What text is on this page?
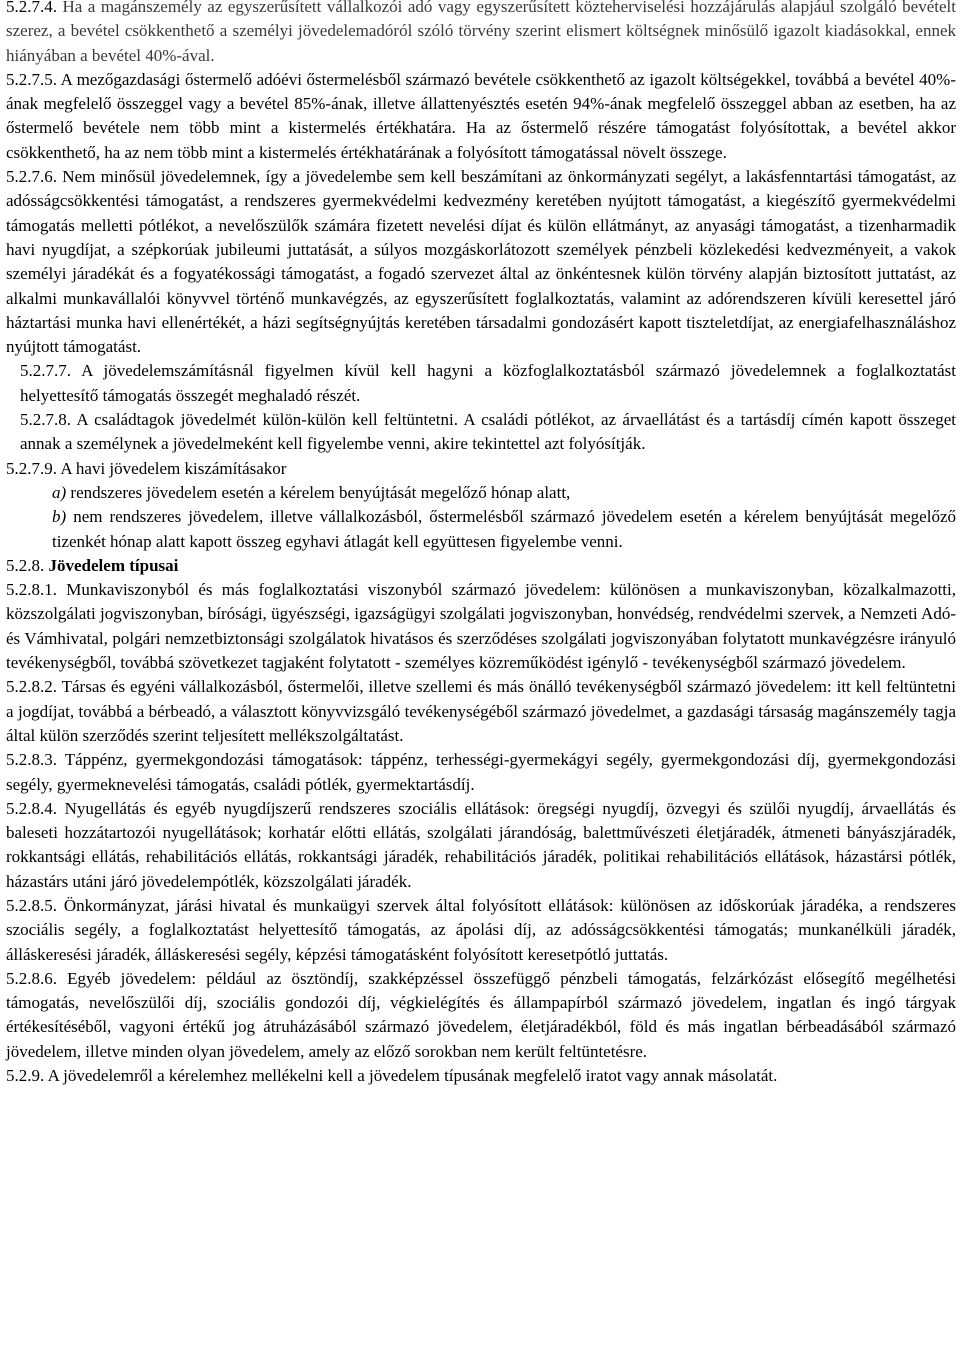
5.2.7.4. Ha a magánszemély az egyszerűsített vállalkozói adó vagy egyszerűsített közteherviselési hozzájárulás alapjául szolgáló bevételt szerez, a bevétel csökkenthető a személyi jövedelemadóról szóló törvény szerint elismert költségnek minősülő igazolt kiadásokkal, ennek hiányában a bevétel 40%-ával.

5.2.7.5. A mezőgazdasági őstermelő adóévi őstermelésből származó bevétele csökkenthető az igazolt költségekkel, továbbá a bevétel 40%-ának megfelelő összeggel vagy a bevétel 85%-ának, illetve állattenyésztés esetén 94%-ának megfelelő összeggel abban az esetben, ha az őstermelő bevétele nem több mint a kistermelés értékhatára. Ha az őstermelő részére támogatást folyósítottak, a bevétel akkor csökkenthető, ha az nem több mint a kistermelés értékhatárának a folyósított támogatással növelt összege.

5.2.7.6. Nem minősül jövedelemnek, így a jövedelembe sem kell beszámítani az önkormányzati segélyt, a lakásfenntartási támogatást, az adósságcsökkentési támogatást, a rendszeres gyermekvédelmi kedvezmény keretében nyújtott támogatást, a kiegészítő gyermekvédelmi támogatás melletti pótlékot, a nevelőszülők számára fizetett nevelési díjat és külön ellátmányt, az anyasági támogatást, a tizenharmadik havi nyugdíjat, a szépkorúak jubileumi juttatását, a súlyos mozgáskorlátozott személyek pénzbeli közlekedési kedvezményeit, a vakok személyi járadékát és a fogyatékossági támogatást, a fogadó szervezet által az önkéntesnek külön törvény alapján biztosított juttatást, az alkalmi munkavállalói könyvvel történő munkavégzés, az egyszerűsített foglalkoztatás, valamint az adórendszeren kívüli keresettel járó háztartási munka havi ellenértékét, a házi segítségnyújtás keretében társadalmi gondozásért kapott tiszteletdíjat, az energiafelhasználáshoz nyújtott támogatást.

5.2.7.7. A jövedelemszámításnál figyelmen kívül kell hagyni a közfoglalkoztatásból származó jövedelemnek a foglalkoztatást helyettesítő támogatás összegét meghaladó részét.

5.2.7.8. A családtagok jövedelmét külön-külön kell feltüntetni. A családi pótlékot, az árvaellátást és a tartásdíj címén kapott összeget annak a személynek a jövedelmeként kell figyelembe venni, akire tekintettel azt folyósítják.

5.2.7.9. A havi jövedelem kiszámításakor

a) rendszeres jövedelem esetén a kérelem benyújtását megelőző hónap alatt,

b) nem rendszeres jövedelem, illetve vállalkozásból, őstermelésből származó jövedelem esetén a kérelem benyújtását megelőző tizenkét hónap alatt kapott összeg egyhavi átlagát kell együttesen figyelembe venni.

5.2.8. Jövedelem típusai

5.2.8.1. Munkaviszonyból és más foglalkoztatási viszonyból származó jövedelem: különösen a munkaviszonyban, közalkalmazotti, közszolgálati jogviszonyban, bírósági, ügyészségi, igazságügyi szolgálati jogviszonyban, honvédség, rendvédelmi szervek, a Nemzeti Adó- és Vámhivatal, polgári nemzetbiztonsági szolgálatok hivatásos és szerződéses szolgálati jogviszonyában folytatott munkavégzésre irányuló tevékenységből, továbbá szövetkezet tagjaként folytatott - személyes közreműködést igénylő - tevékenységből származó jövedelem.

5.2.8.2. Társas és egyéni vállalkozásból, őstermelői, illetve szellemi és más önálló tevékenységből származó jövedelem: itt kell feltüntetni a jogdíjat, továbbá a bérbeadó, a választott könyvvizsgáló tevékenységéből származó jövedelmet, a gazdasági társaság magánszemély tagja által külön szerződés szerint teljesített mellékszolgáltatást.

5.2.8.3. Táppénz, gyermekgondozási támogatások: táppénz, terhességi-gyermekágyi segély, gyermekgondozási díj, gyermekgondozási segély, gyermeknevelési támogatás, családi pótlék, gyermektartásdíj.

5.2.8.4. Nyugellátás és egyéb nyugdíjszerű rendszeres szociális ellátások: öregségi nyugdíj, özvegyi és szülői nyugdíj, árvaellátás és baleseti hozzátartozói nyugellátások; korhatár előtti ellátás, szolgálati járandóság, balettművészeti életjáradék, átmeneti bányászjáradék, rokkantsági ellátás, rehabilitációs ellátás, rokkantsági járadék, rehabilitációs járadék, politikai rehabilitációs ellátások, házastársi pótlék, házastárs utáni járó jövedelempótlék, közszolgálati járadék.

5.2.8.5. Önkormányzat, járási hivatal és munkaügyi szervek által folyósított ellátások: különösen az időskorúak járadéka, a rendszeres szociális segély, a foglalkoztatást helyettesítő támogatás, az ápolási díj, az adósságcsökkentési támogatás; munkanélküli járadék, álláskeresési járadék, álláskeresési segély, képzési támogatásként folyósított keresetpótló juttatás.

5.2.8.6. Egyéb jövedelem: például az ösztöndíj, szakképzéssel összefüggő pénzbeli támogatás, felzárkózást elősegítő megélhetési támogatás, nevelőszülői díj, szociális gondozói díj, végkielégítés és állampapírból származó jövedelem, ingatlan és ingó tárgyak értékesítéséből, vagyoni értékű jog átruházásából származó jövedelem, életjáradékból, föld és más ingatlan bérbeadásából származó jövedelem, illetve minden olyan jövedelem, amely az előző sorokban nem került feltüntetésre.

5.2.9. A jövedelemről a kérelemhez mellékelni kell a jövedelem típusának megfelelő iratot vagy annak másolatát.
